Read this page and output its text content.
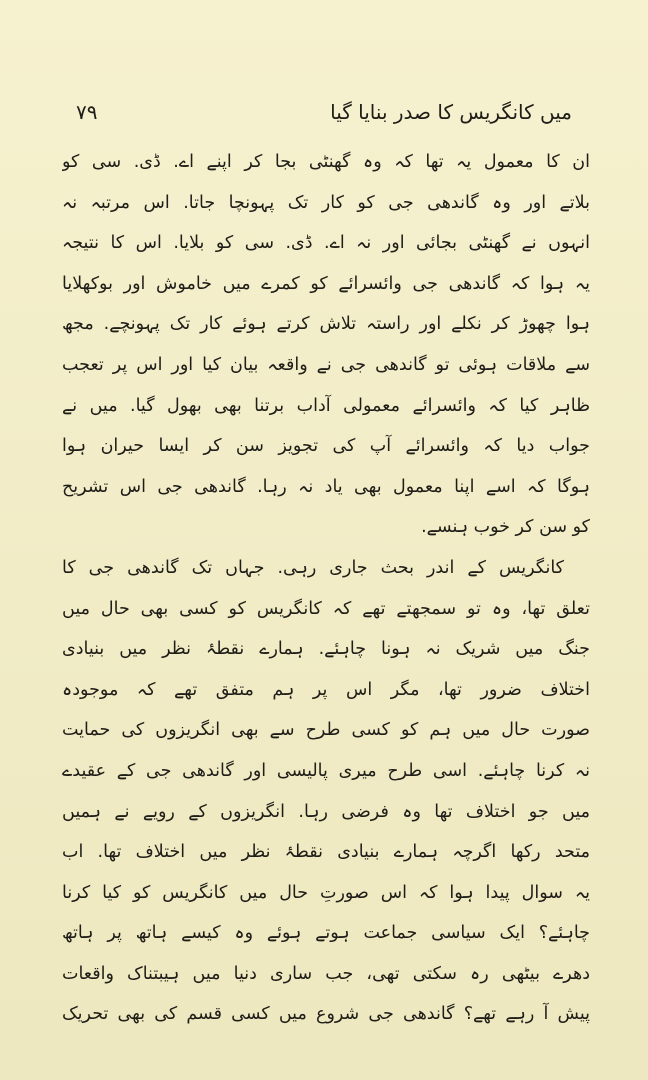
۷۹	میں کانگریس کا صدر بنایا گیا
ان کا معمول یہ تھا کہ وہ گھنٹی بجا کر اپنے اے. ڈی. سی کو
بلاتے اور وہ گاندھی جی کو کار تک پہونچا جاتا. اس مرتبہ نہ
انہوں نے گھنٹی بجائی اور نہ اے. ڈی. سی کو بلایا. اس کا نتیجہ
یہ ہوا کہ گاندھی جی وائسرائے کو کمرے میں خاموش اور بوکھلایا
ہوا چھوڑ کر نکلے اور راستہ تلاش کرتے ہوئے کار تک پہونچے. مجھ
سے ملاقات ہوئی تو گاندھی جی نے واقعہ بیان کیا اور اس پر تعجب
ظاہر کیا کہ وائسرائے معمولی آداب برتنا بھی بھول گیا. میں نے
جواب دیا کہ وائسرائے آپ کی تجویز سن کر ایسا حیران ہوا
ہوگا کہ اسے اپنا معمول بھی یاد نہ رہا. گاندھی جی اس تشریح
کو سن کر خوب ہنسے.
کانگریس کے اندر بحث جاری رہی. جہاں تک گاندھی جی کا
تعلق تھا، وہ تو سمجھتے تھے کہ کانگریس کو کسی بھی حال میں
جنگ میں شریک نہ ہونا چاہئے. ہمارے نقطۂ نظر میں بنیادی
اختلاف ضرور تھا، مگر اس پر ہم متفق تھے کہ موجودہ
صورت حال میں ہم کو کسی طرح سے بھی انگریزوں کی حمایت
نہ کرنا چاہئے. اسی طرح میری پالیسی اور گاندھی جی کے عقیدے
میں جو اختلاف تھا وہ فرضی رہا. انگریزوں کے رویے نے ہمیں
متحد رکھا اگرچہ ہمارے بنیادی نقطۂ نظر میں اختلاف تھا. اب
یہ سوال پیدا ہوا کہ اس صورتِ حال میں کانگریس کو کیا کرنا
چاہئے؟ ایک سیاسی جماعت ہوتے ہوئے وہ کیسے ہاتھ پر ہاتھ
دھرے بیٹھی رہ سکتی تھی، جب ساری دنیا میں ہیبتناک واقعات
پیش آ رہے تھے؟ گاندھی جی شروع میں کسی قسم کی بھی تحریک
